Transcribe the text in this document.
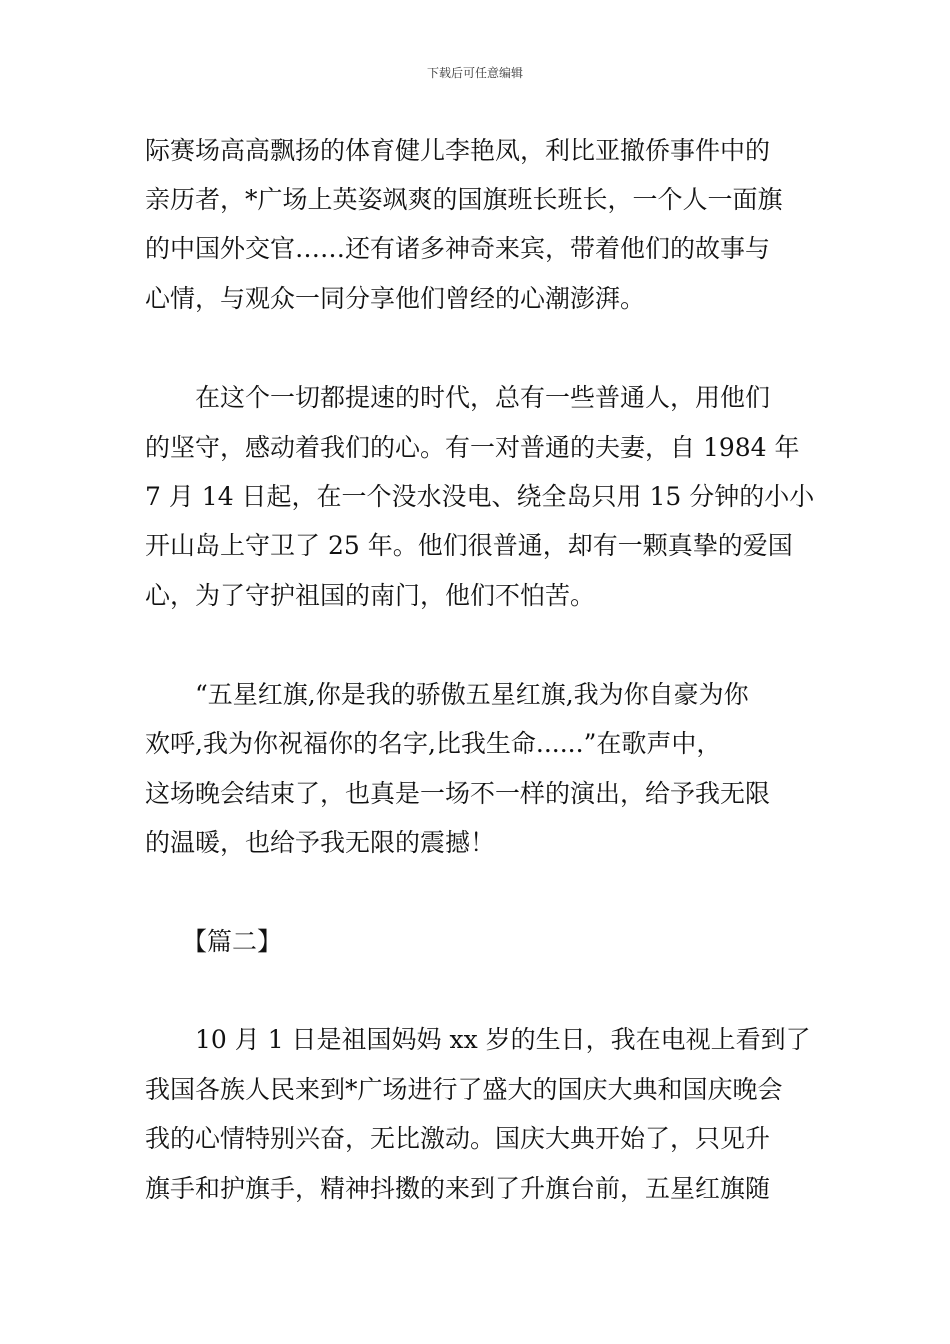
下载后可任意编辑
际赛场高高飘扬的体育健儿李艳凤，利比亚撤侨事件中的
亲历者，*广场上英姿飒爽的国旗班长班长，一个人一面旗
的中国外交官……还有诸多神奇来宾，带着他们的故事与
心情，与观众一同分享他们曾经的心潮澎湃。
在这个一切都提速的时代，总有一些普通人，用他们
的坚守，感动着我们的心。有一对普通的夫妻，自 1984 年
7 月 14 日起，在一个没水没电、绕全岛只用 15 分钟的小小
开山岛上守卫了 25 年。他们很普通，却有一颗真挚的爱国
心，为了守护祖国的南门，他们不怕苦。
“五星红旗,你是我的骄傲五星红旗,我为你自豪为你
欢呼,我为你祝福你的名字,比我生命......”在歌声中，
这场晚会结束了，也真是一场不一样的演出，给予我无限
的温暖，也给予我无限的震撼！
【篇二】
10 月 1 日是祖国妈妈 xx 岁的生日，我在电视上看到了
我国各族人民来到*广场进行了盛大的国庆大典和国庆晚会
我的心情特别兴奋，无比激动。国庆大典开始了，只见升
旗手和护旗手，精神抖擞的来到了升旗台前，五星红旗随
